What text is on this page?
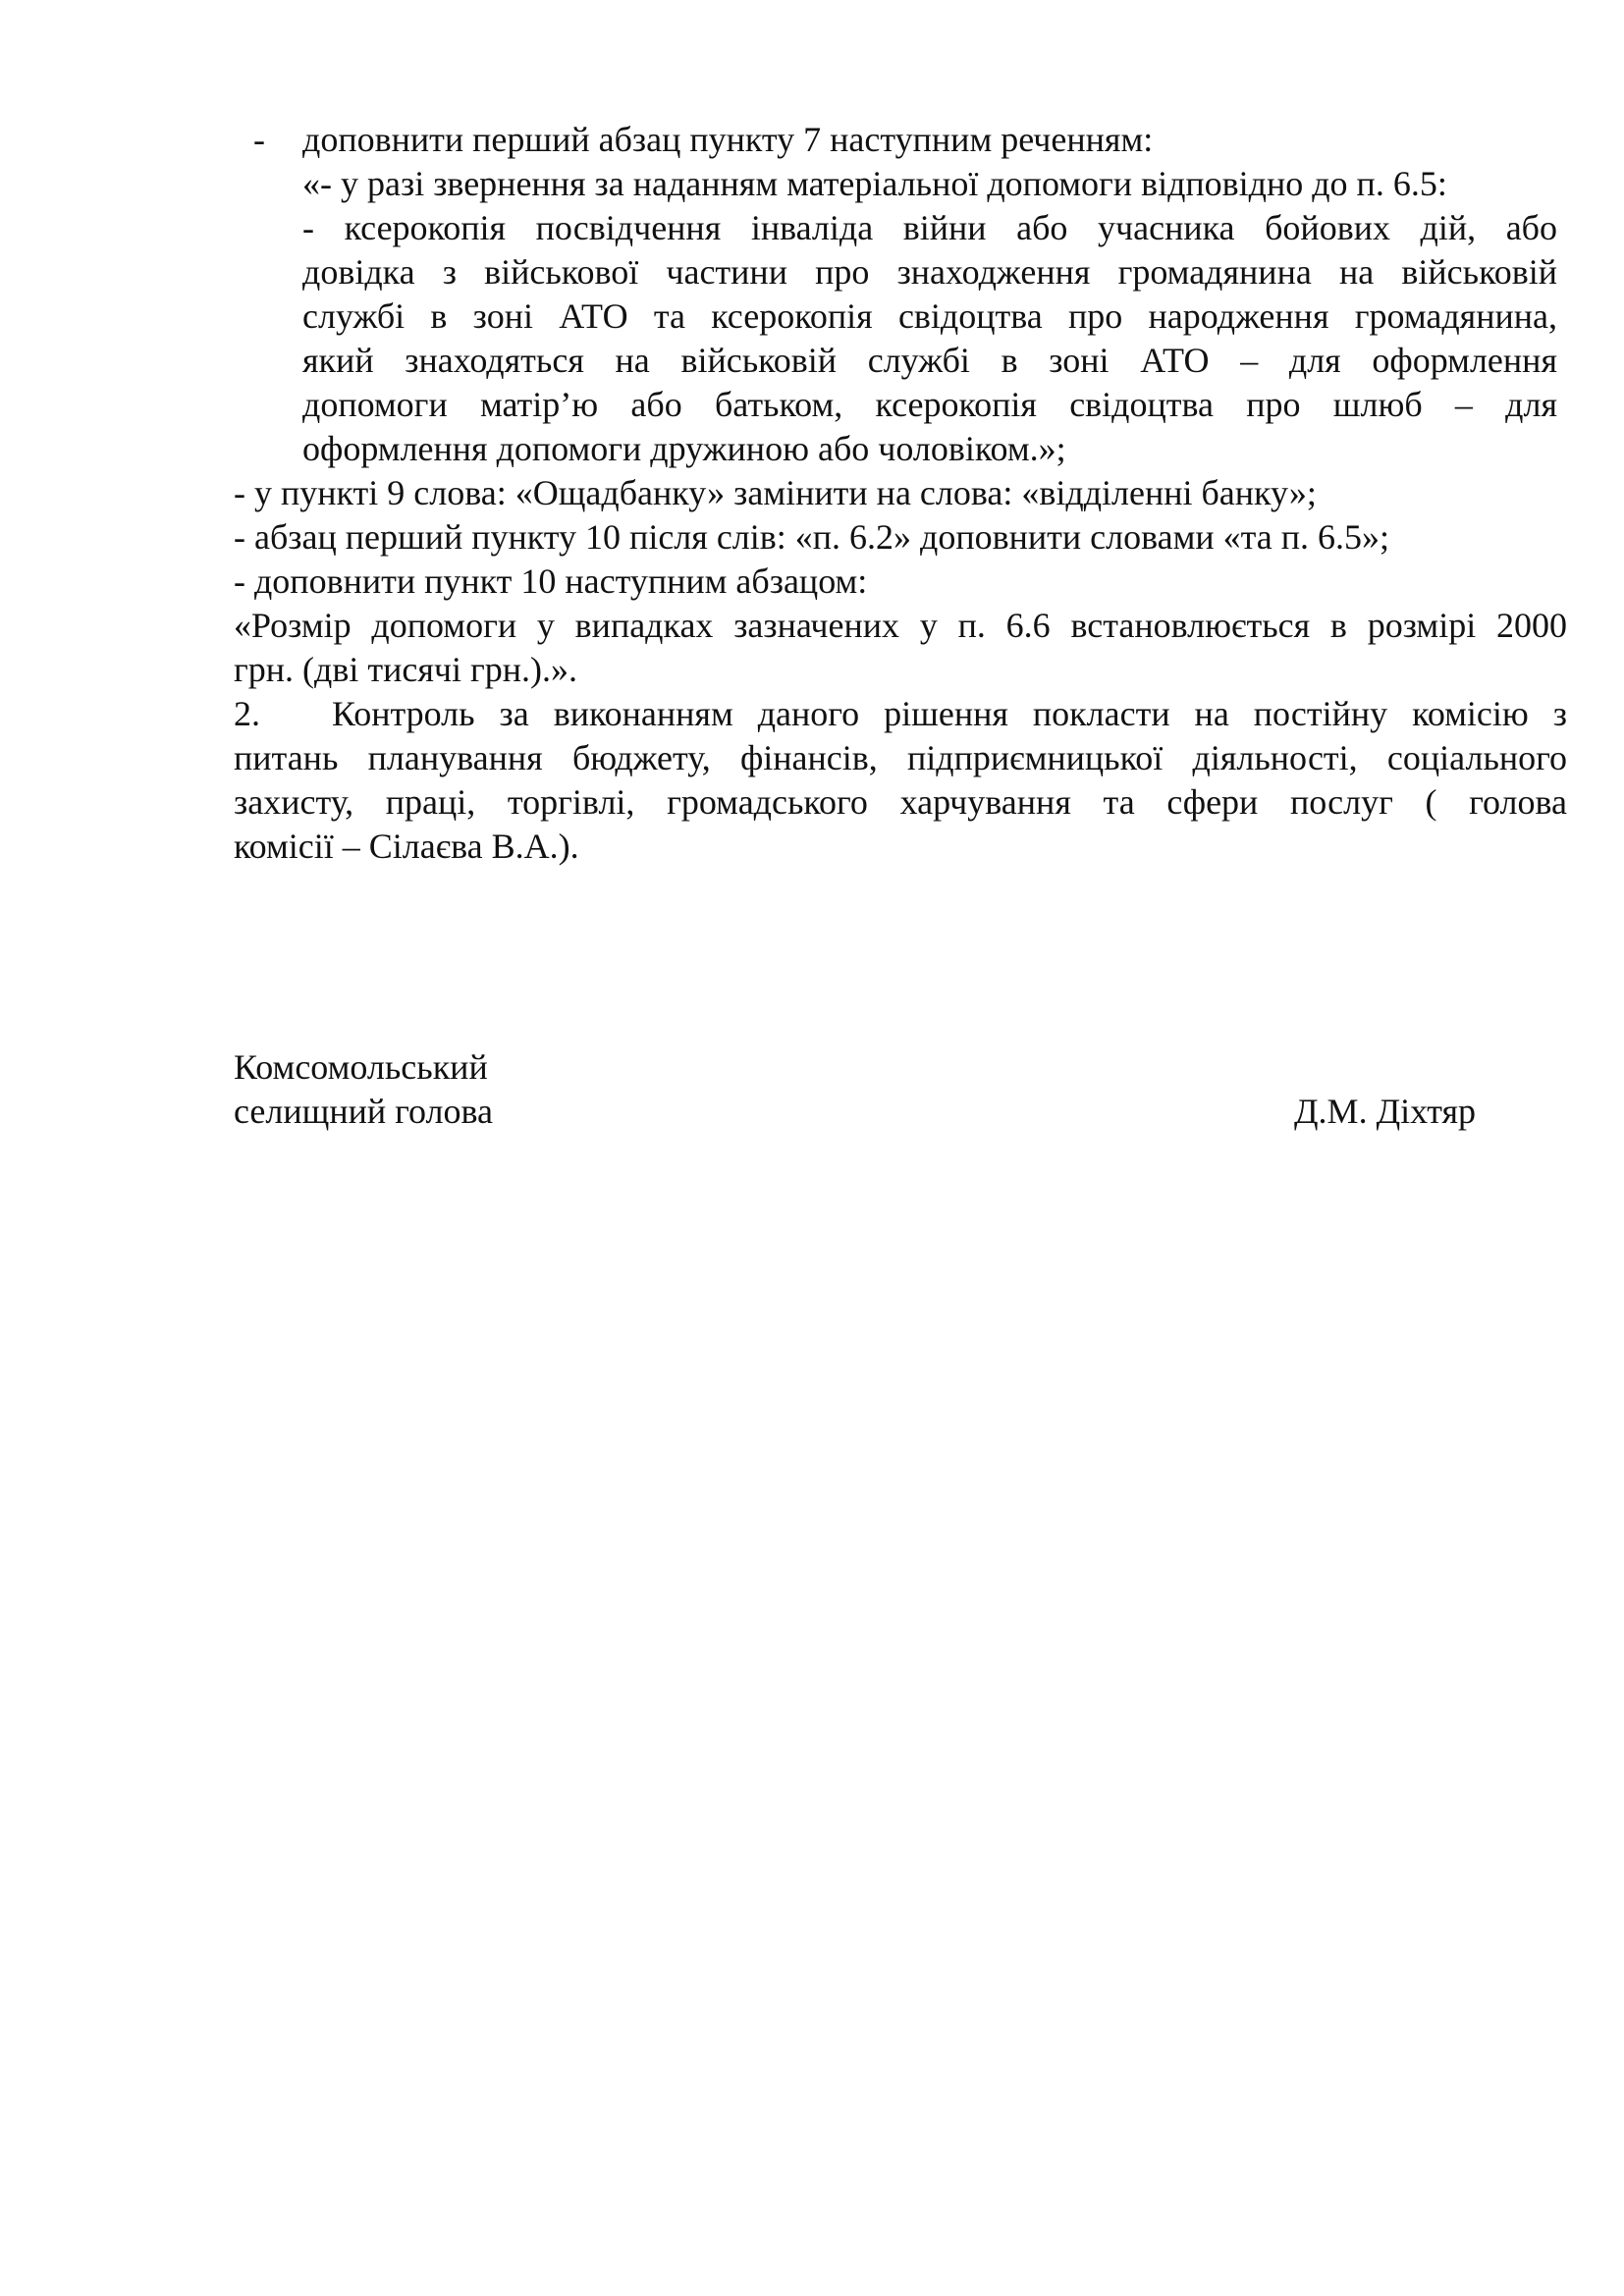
- доповнити перший абзац пункту 7 наступним реченням:
«- у разі звернення за наданням матеріальної допомоги відповідно до п. 6.5:
- ксерокопія посвідчення інваліда війни або учасника бойових дій, або
довідка з військової частини про знаходження громадянина на військовій
службі в зоні АТО та ксерокопія свідоцтва про народження громадянина,
який знаходяться на військовій службі в зоні АТО – для оформлення
допомоги матір’ю або батьком, ксерокопія свідоцтва про шлюб – для
оформлення допомоги дружиною або чоловіком.»;
- у пункті 9 слова: «Ощадбанку» замінити на слова: «відділенні банку»;
- абзац перший пункту 10 після слів: «п. 6.2» доповнити словами «та п. 6.5»;
- доповнити пункт 10 наступним абзацом:
«Розмір допомоги у випадках зазначених у п. 6.6 встановлюється в розмірі 2000
грн. (дві тисячі грн.).».
2. Контроль за виконанням даного рішення покласти на постійну комісію з
питань планування бюджету, фінансів, підприємницької діяльності, соціального
захисту, праці, торгівлі, громадського харчування та сфери послуг ( голова
комісії – Сілаєва В.А.).
Комсомольський
селищний голова	Д.М. Діхтяр
